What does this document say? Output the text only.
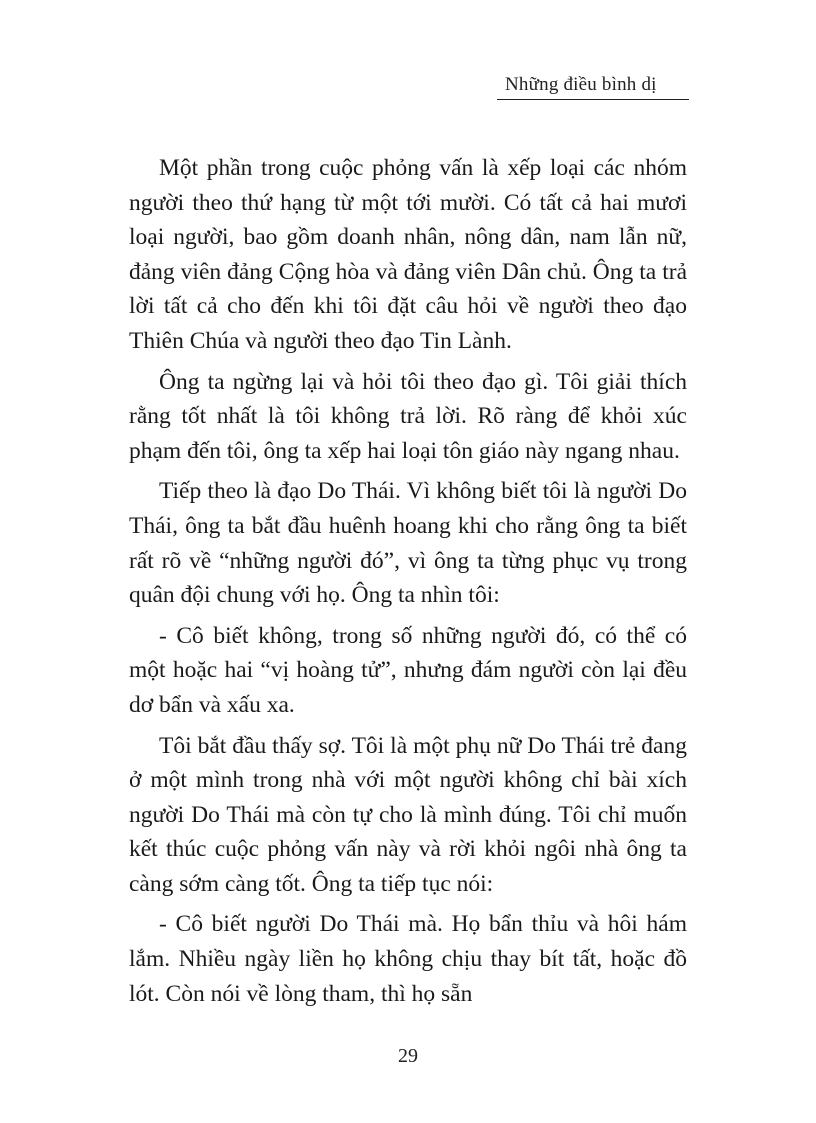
Những điều bình dị

Một phần trong cuộc phỏng vấn là xếp loại các nhóm người theo thứ hạng từ một tới mười. Có tất cả hai mươi loại người, bao gồm doanh nhân, nông dân, nam lẫn nữ, đảng viên đảng Cộng hòa và đảng viên Dân chủ. Ông ta trả lời tất cả cho đến khi tôi đặt câu hỏi về người theo đạo Thiên Chúa và người theo đạo Tin Lành.

Ông ta ngừng lại và hỏi tôi theo đạo gì. Tôi giải thích rằng tốt nhất là tôi không trả lời. Rõ ràng để khỏi xúc phạm đến tôi, ông ta xếp hai loại tôn giáo này ngang nhau.

Tiếp theo là đạo Do Thái. Vì không biết tôi là người Do Thái, ông ta bắt đầu huênh hoang khi cho rằng ông ta biết rất rõ về “những người đó”, vì ông ta từng phục vụ trong quân đội chung với họ. Ông ta nhìn tôi:

- Cô biết không, trong số những người đó, có thể có một hoặc hai “vị hoàng tử”, nhưng đám người còn lại đều dơ bẩn và xấu xa.

Tôi bắt đầu thấy sợ. Tôi là một phụ nữ Do Thái trẻ đang ở một mình trong nhà với một người không chỉ bài xích người Do Thái mà còn tự cho là mình đúng. Tôi chỉ muốn kết thúc cuộc phỏng vấn này và rời khỏi ngôi nhà ông ta càng sớm càng tốt. Ông ta tiếp tục nói:

- Cô biết người Do Thái mà. Họ bẩn thỉu và hôi hám lắm. Nhiều ngày liền họ không chịu thay bít tất, hoặc đồ lót. Còn nói về lòng tham, thì họ sẵn

29
